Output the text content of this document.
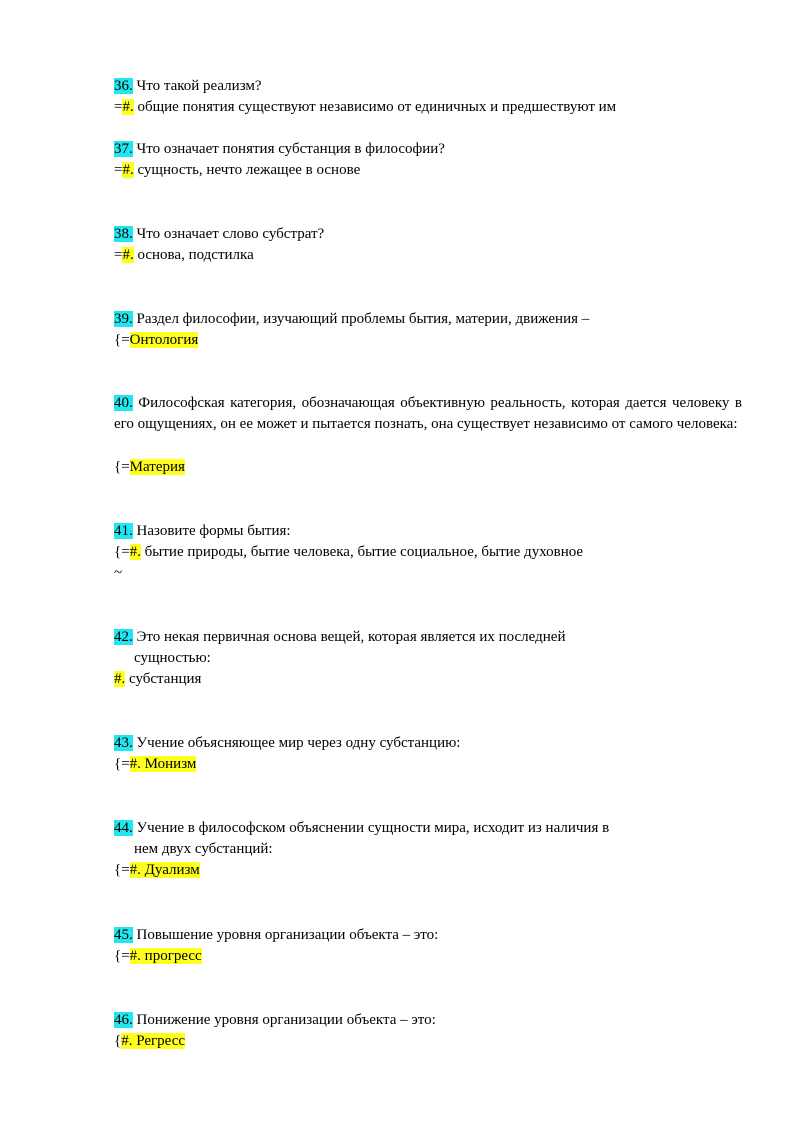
36. Что такой реализм?
=#. общие понятия существуют независимо от единичных и предшествуют им
37. Что означает понятия субстанция в философии?
=#. сущность, нечто лежащее в основе
38. Что означает слово субстрат?
=#. основа, подстилка
39. Раздел философии, изучающий проблемы бытия, материи, движения –
{=Онтология
40. Философская категория, обозначающая объективную реальность, которая дается человеку в его ощущениях, он ее может и пытается познать, она существует независимо от самого человека:
{=Материя
41. Назовите формы бытия:
{=#. бытие природы, бытие человека, бытие социальное, бытие духовное
~
42. Это некая первичная основа вещей, которая является их последней
сущностью:
#. субстанция
43. Учение объясняющее мир через одну субстанцию:
{=#. Монизм
44. Учение в философском объяснении сущности мира, исходит из наличия в
нем двух субстанций:
{=#. Дуализм
45. Повышение уровня организации объекта – это:
{=#. прогресс
46. Понижение уровня организации объекта – это:
{#. Регресс
